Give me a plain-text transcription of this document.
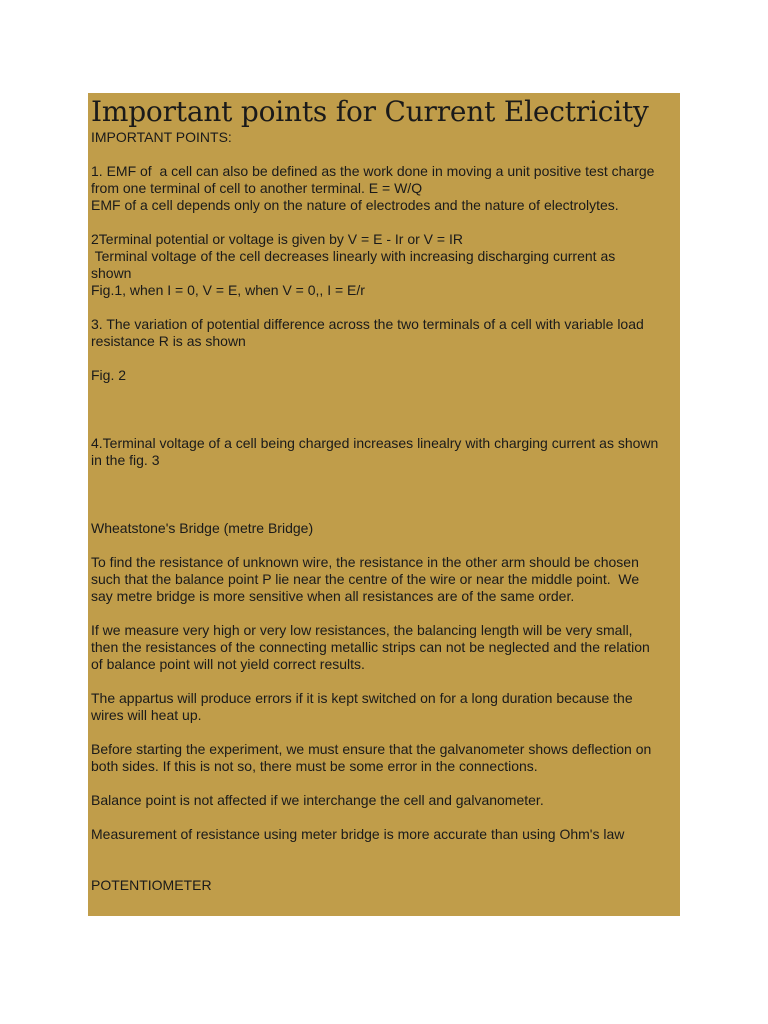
Important points for Current Electricity
IMPORTANT POINTS:
1. EMF of  a cell can also be defined as the work done in moving a unit positive test charge
from one terminal of cell to another terminal. E = W/Q
EMF of a cell depends only on the nature of electrodes and the nature of electrolytes.
2Terminal potential or voltage is given by V = E - Ir or V = IR
Terminal voltage of the cell decreases linearly with increasing discharging current as
shown
Fig.1, when I = 0, V = E, when V = 0,, I = E/r
3. The variation of potential difference across the two terminals of a cell with variable load
resistance R is as shown
Fig. 2
4.Terminal voltage of a cell being charged increases linealry with charging current as shown
in the fig. 3
Wheatstone's Bridge (metre Bridge)
To find the resistance of unknown wire, the resistance in the other arm should be chosen
such that the balance point P lie near the centre of the wire or near the middle point.  We
say metre bridge is more sensitive when all resistances are of the same order.
If we measure very high or very low resistances, the balancing length will be very small,
then the resistances of the connecting metallic strips can not be neglected and the relation
of balance point will not yield correct results.
The appartus will produce errors if it is kept switched on for a long duration because the
wires will heat up.
Before starting the experiment, we must ensure that the galvanometer shows deflection on
both sides. If this is not so, there must be some error in the connections.
Balance point is not affected if we interchange the cell and galvanometer.
Measurement of resistance using meter bridge is more accurate than using Ohm's law
POTENTIOMETER
